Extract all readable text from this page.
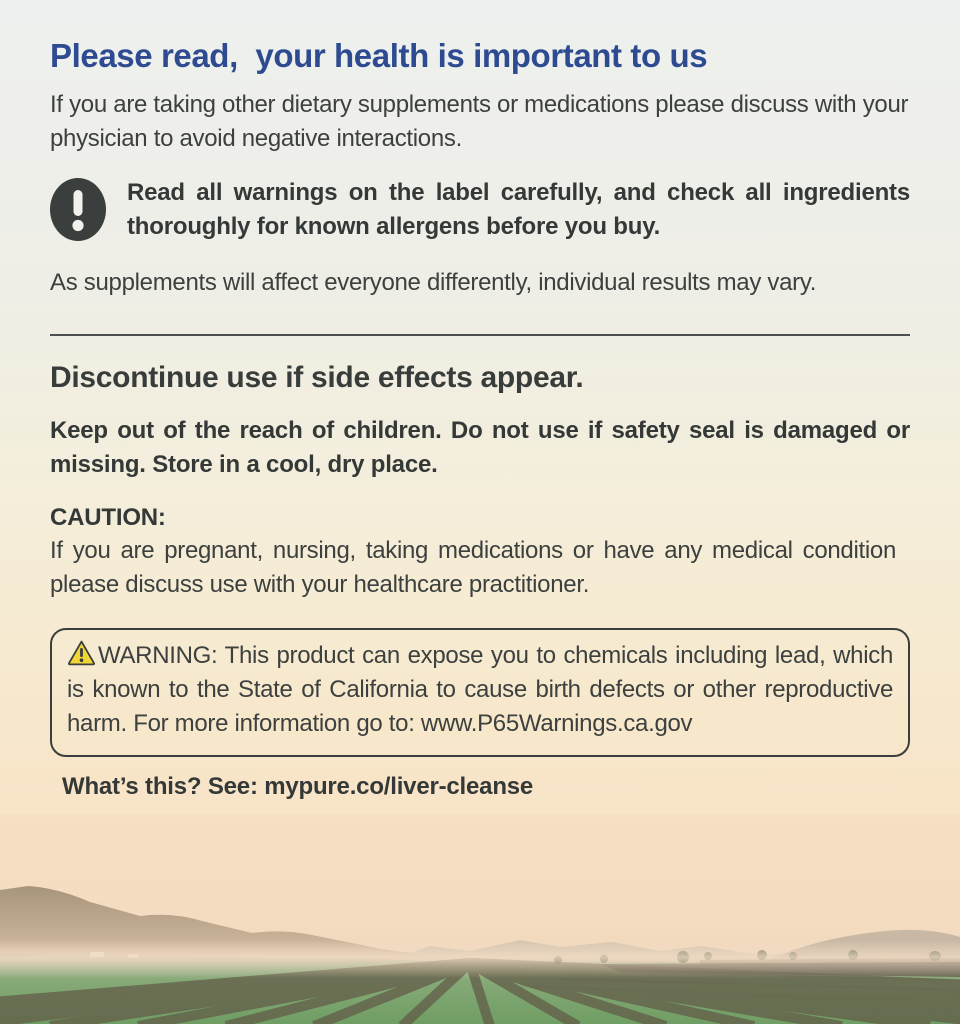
Please read,  your health is important to us

If you are taking other dietary supplements or medications please discuss with your physician to avoid negative interactions.

Read all warnings on the label carefully, and check all ingredients thoroughly for known allergens before you buy.

As supplements will affect everyone differently, individual results may vary.

Discontinue use if side effects appear.

Keep out of the reach of children. Do not use if safety seal is damaged or missing. Store in a cool, dry place.

CAUTION:

If you are pregnant, nursing, taking medications or have any medical condition please discuss use with your healthcare practitioner.

WARNING: This product can expose you to chemicals including lead, which is known to the State of California to cause birth defects or other reproductive harm. For more information go to: www.P65Warnings.ca.gov

What’s this? See: mypure.co/liver-cleanse
